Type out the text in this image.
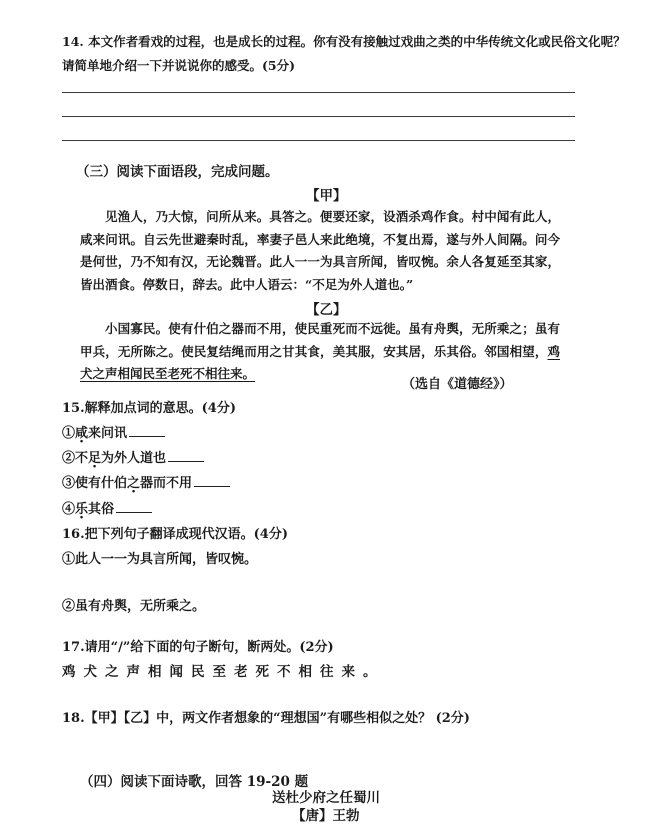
14. 本文作者看戏的过程，也是成长的过程。你有没有接触过戏曲之类的中华传统文化或民俗文化呢？
请简单地介绍一下并说说你的感受。(5分)
（三）阅读下面语段，完成问题。
【甲】

见渔人，乃大惊，问所从来。具答之。便要还家，设酒杀鸡作食。村中闻有此人，咸来问讯。自云先世避秦时乱，率妻子邑人来此绝境，不复出焉，遂与外人间隔。问今是何世，乃不知有汉，无论魏晋。此人一一为具言所闻，皆叹惋。余人各复延至其家，皆出酒食。停数日，辞去。此中人语云：“不足为外人道也。”

【乙】

小国寡民。使有什伯之器而不用，使民重死而不远徙。虽有舟舆，无所乘之；虽有甲兵，无所陈之。使民复结绳而用之甘其食，美其服，安其居，乐其俗。邻国相望，鸡犬之声相闻民至老死不相往来。

（选自《道德经》）
15.解释加点词的意思。(4分)
①咸来问讯
②不足为外人道也
③使有什伯之器而不用
④乐其俗
16.把下列句子翻译成现代汉语。(4分)
①此人一一为具言所闻，皆叹惋。
②虽有舟舆，无所乘之。
17.请用“/”给下面的句子断句，断两处。(2分)
鸡犬之声相闻民至老死不相往来。
18.【甲】【乙】中，两文作者想象的“理想国”有哪些相似之处？ (2分)
（四）阅读下面诗歌，回答 19-20 题
送杜少府之任蜀川
【唐】王勃
